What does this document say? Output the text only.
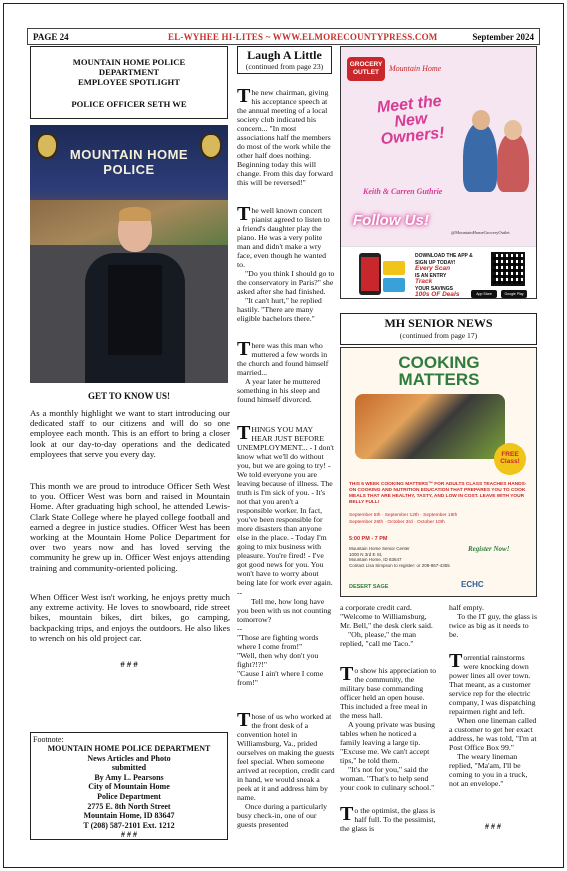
PAGE 24	EL-WYHEE HI-LITES ~ WWW.ELMORECOUNTYPRESS.COM	September 2024
MOUNTAIN HOME POLICE
DEPARTMENT
EMPLOYEE SPOTLIGHT
POLICE OFFICER SETH WE
MOUNTAIN HOME POLICE
GET TO KNOW US!
As a monthly highlight we want to start introducing our dedicated staff to our citizens and will do so one employee each month. This is an effort to bring a closer look at our day-to-day operations and the dedicated employees that serve you every day.
This month we are proud to introduce Officer Seth West to you. Officer West was born and raised in Mountain Home. After graduating high school, he attended Lewis-Clark State College where he played college football and earned a degree in justice studies. Officer West has been working at the Mountain Home Police Department for over two years now and has loved serving the community he grew up in. Officer West enjoys attending training and community-oriented policing.
When Officer West isn't working, he enjoys pretty much any extreme activity. He loves to snowboard, ride street bikes, mountain bikes, dirt bikes, go camping, backpacking trips, and enjoys the outdoors. He also likes to wrench on his old project car.
# # #
Footnote:
MOUNTAIN HOME POLICE DEPARTMENT
News Articles and Photo
submitted
By Amy L. Pearsons
City of Mountain Home
Police Department
2775 E. 8th North Street
Mountain Home, ID 83647
T (208) 587-2101 Ext. 1212
# # #
Laugh A Little
(continued from page 23)
The new chairman, giving his acceptance speech at the annual meeting of a local society club indicated his concern... "In most associations half the members do most of the work while the other half does nothing. Beginning today this will change. From this day forward this will be reversed!"
The well known concert pianist agreed to listen to a friend's daughter play the piano. He was a very polite man and didn't make a wry face, even though he wanted to.
"Do you think I should go to the conservatory in Paris?" she asked after she had finished.
"It can't hurt," he replied hastily. "There are many eligible bachelors there."
There was this man who muttered a few words in the church and found himself married...
A year later he muttered something in his sleep and found himself divorced.
THINGS YOU MAY HEAR JUST BEFORE UNEMPLOYMENT... - I don't know what we'll do without you, but we are going to try! - We told everyone you are leaving because of illness. The truth is I'm sick of you. - It's not that you aren't a responsible worker. In fact, you've been responsible for more disasters than anyone else in the place. - Today I'm going to mix business with pleasure. You're fired! - I've got good news for you. You won't have to worry about being late for work ever again.
--
Tell me, how long have you been with us not counting tomorrow?
--
"Those are fighting words where I come from!"
"Well, then why don't you fight?!?!"
"Cause I ain't where I come from!"
Those of us who worked at the front desk of a convention hotel in Williamsburg, Va., prided ourselves on making the guests feel special. When someone arrived at reception, credit card in hand, we would sneak a peek at it and address him by name.
Once during a particularly busy check-in, one of our guests presented
GROCERY OUTLET	Mountain Home
Meet the New Owners!
Keith & Carren Guthrie
Follow Us!
@MountainHomeGroceryOutlet
DOWNLOAD THE APP & SIGN UP TODAY!
Every Scan
IS AN ENTRY
Track
YOUR SAVINGS
100s OF Deals	App Store	Google Play
MH SENIOR NEWS
(continued from page 17)
COOKING
MATTERS
FREE Class!
THIS 6 WEEK COOKING MATTERS™ FOR ADULTS CLASS TEACHES HANDS-ON COOKING AND NUTRITION EDUCATION THAT PREPARES YOU TO COOK MEALS THAT ARE HEALTHY, TASTY, AND LOW IN COST. LEAVE WITH YOUR BELLY FULL!
September 5th · September 12th · September 19th
September 26th · October 3rd · October 10th
5:00 PM - 7 PM
Mountain Home Senior Center
1000 N 3rd E St,
Mountain Home, ID 83647
Contact Lisa Simpson to register: or 208-867-4355
Register Now!
DESERT SAGE	ECHC
a corporate credit card. "Welcome to Williamsburg, Mr. Bell," the desk clerk said.
"Oh, please," the man replied, "call me Taco."
To show his appreciation to the community, the military base commanding officer held an open house. This included a free meal in the mess hall.
A young private was busing tables when he noticed a family leaving a large tip. "Excuse me. We can't accept tips," he told them.
"It's not for you," said the woman. "That's to help send your cook to culinary school."
To the optimist, the glass is half full. To the pessimist, the glass is
half empty.
To the IT guy, the glass is twice as big as it needs to be.
Torrential rainstorms were knocking down power lines all over town. That meant, as a customer service rep for the electric company, I was dispatching repairmen right and left.
When one lineman called a customer to get her exact address, he was told, "I'm at Post Office Box 99."
The weary lineman replied, "Ma'am, I'll be coming to you in a truck, not an envelope."
# # #
